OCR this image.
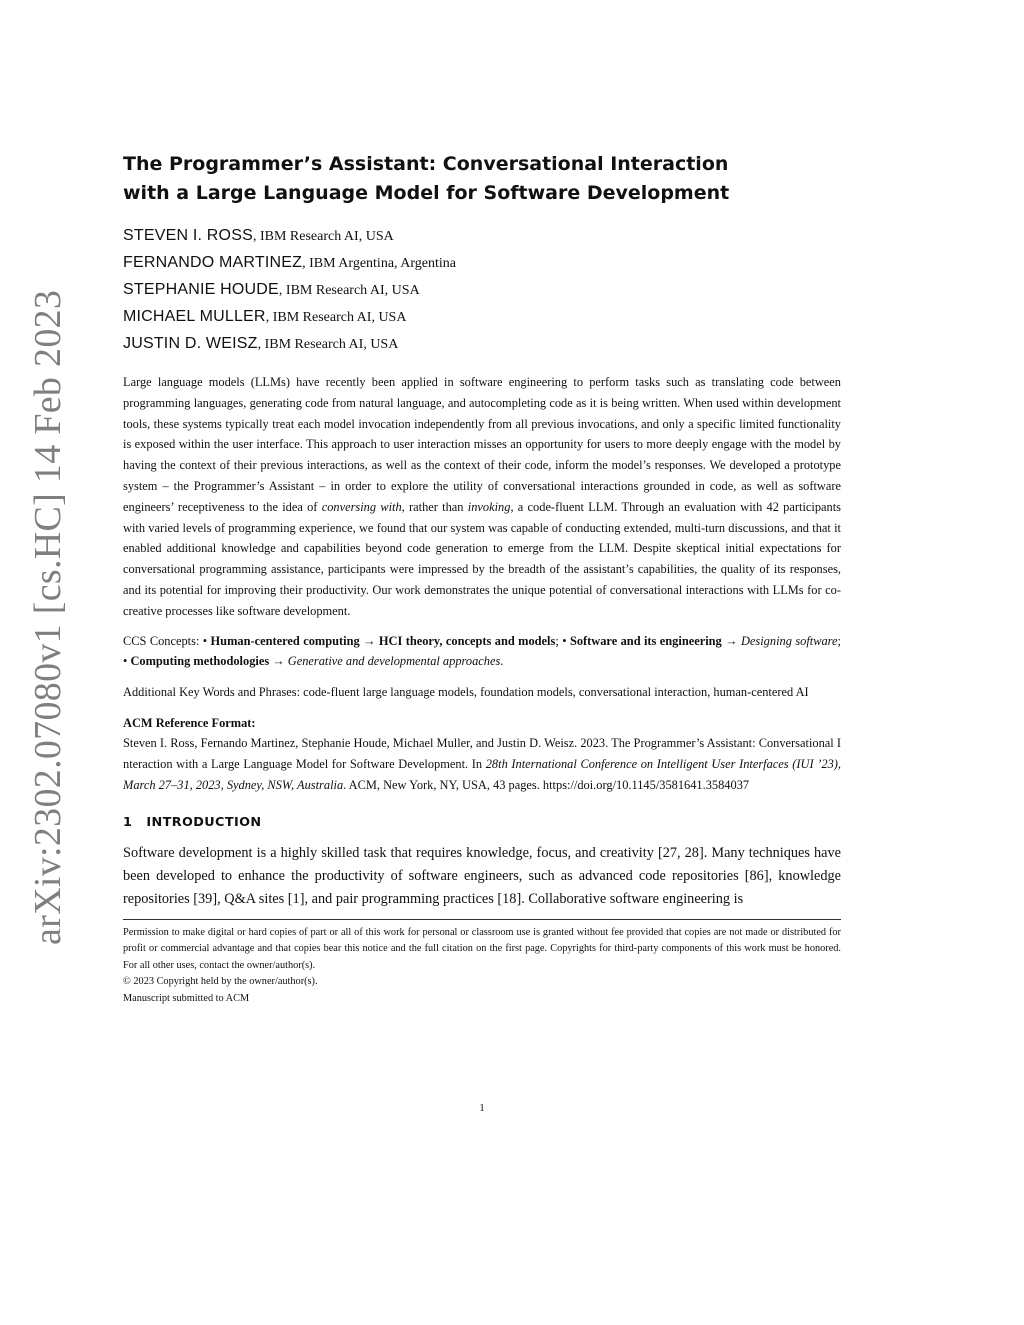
arXiv:2302.07080v1 [cs.HC] 14 Feb 2023
The Programmer’s Assistant: Conversational Interaction with a Large Language Model for Software Development
STEVEN I. ROSS, IBM Research AI, USA
FERNANDO MARTINEZ, IBM Argentina, Argentina
STEPHANIE HOUDE, IBM Research AI, USA
MICHAEL MULLER, IBM Research AI, USA
JUSTIN D. WEISZ, IBM Research AI, USA

Large language models (LLMs) have recently been applied in software engineering to perform tasks such as translating code between programming languages, generating code from natural language, and autocompleting code as it is being written. When used within development tools, these systems typically treat each model invocation independently from all previous invocations, and only a specific limited functionality is exposed within the user interface. This approach to user interaction misses an opportunity for users to more deeply engage with the model by having the context of their previous interactions, as well as the context of their code, inform the model’s responses. We developed a prototype system – the Programmer’s Assistant – in order to explore the utility of conversational interactions grounded in code, as well as software engineers’ receptiveness to the idea of conversing with, rather than invoking, a code-fluent LLM. Through an evaluation with 42 participants with varied levels of programming experience, we found that our system was capable of conducting extended, multi-turn discussions, and that it enabled additional knowledge and capabilities beyond code generation to emerge from the LLM. Despite skeptical initial expectations for conversational programming assistance, participants were impressed by the breadth of the assistant’s capabilities, the quality of its responses, and its potential for improving their productivity. Our work demonstrates the unique potential of conversational interactions with LLMs for co-creative processes like software development.

CCS Concepts: • Human-centered computing → HCI theory, concepts and models; • Software and its engineering → Designing software; • Computing methodologies → Generative and developmental approaches.

Additional Key Words and Phrases: code-fluent large language models, foundation models, conversational interaction, human-centered AI

ACM Reference Format:

Steven I. Ross, Fernando Martinez, Stephanie Houde, Michael Muller, and Justin D. Weisz. 2023. The Programmer’s Assistant: Conversational Interaction with a Large Language Model for Software Development. In 28th International Conference on Intelligent User Interfaces (IUI ’23), March 27–31, 2023, Sydney, NSW, Australia. ACM, New York, NY, USA, 43 pages. https://doi.org/10.1145/3581641.3584037

1 INTRODUCTION

Software development is a highly skilled task that requires knowledge, focus, and creativity [27, 28]. Many techniques have been developed to enhance the productivity of software engineers, such as advanced code repositories [86], knowledge repositories [39], Q&A sites [1], and pair programming practices [18]. Collaborative software engineering is

Permission to make digital or hard copies of part or all of this work for personal or classroom use is granted without fee provided that copies are not made or distributed for profit or commercial advantage and that copies bear this notice and the full citation on the first page. Copyrights for third-party components of this work must be honored. For all other uses, contact the owner/author(s).

© 2023 Copyright held by the owner/author(s).

Manuscript submitted to ACM

1
